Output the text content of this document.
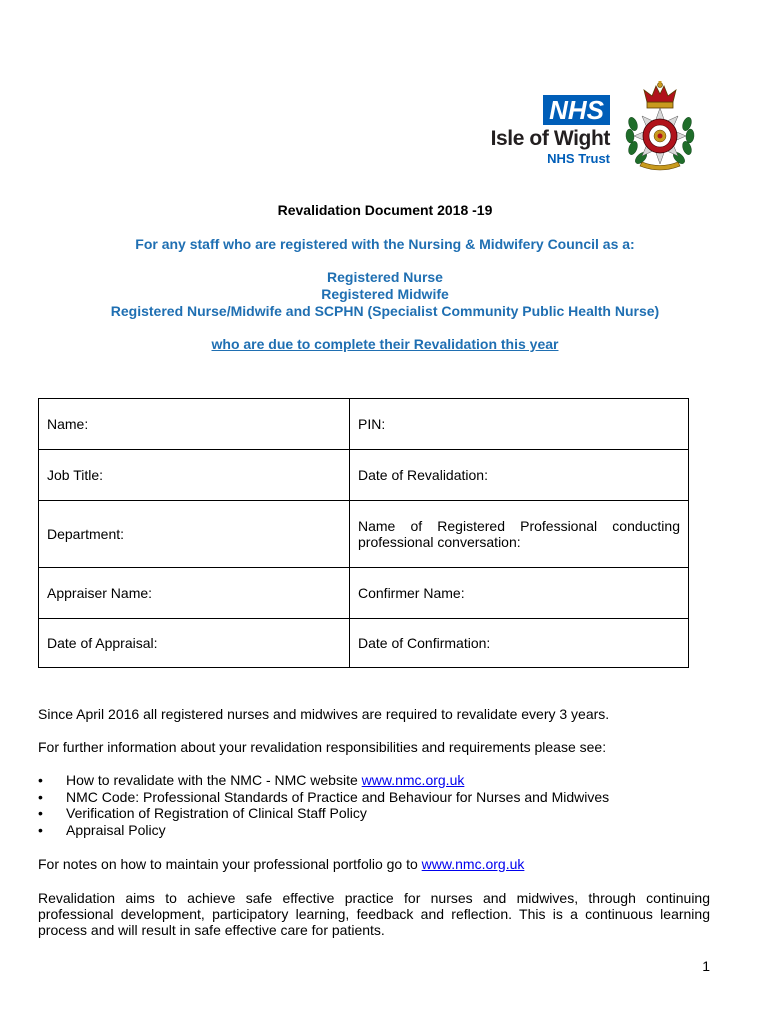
NHS
Isle of Wight
NHS Trust
Revalidation Document 2018 -19
For any staff who are registered with the Nursing & Midwifery Council as a:
Registered Nurse
Registered Midwife
Registered Nurse/Midwife and SCPHN (Specialist Community Public Health Nurse)
who are due to complete their Revalidation this year
Name:	PIN:
Job Title:	Date of Revalidation:
Department:	Name of Registered Professional conducting professional conversation:

Appraiser Name:	Confirmer Name:
Date of Appraisal:	Date of Confirmation:
Since April 2016 all registered nurses and midwives are required to revalidate every 3 years.
For further information about your revalidation responsibilities and requirements please see:
• How to revalidate with the NMC - NMC website www.nmc.org.uk
• NMC Code: Professional Standards of Practice and Behaviour for Nurses and Midwives
• Verification of Registration of Clinical Staff Policy
• Appraisal Policy
For notes on how to maintain your professional portfolio go to www.nmc.org.uk
Revalidation aims to achieve safe effective practice for nurses and midwives, through continuing professional development, participatory learning, feedback and reflection. This is a continuous learning process and will result in safe effective care for patients.
1
